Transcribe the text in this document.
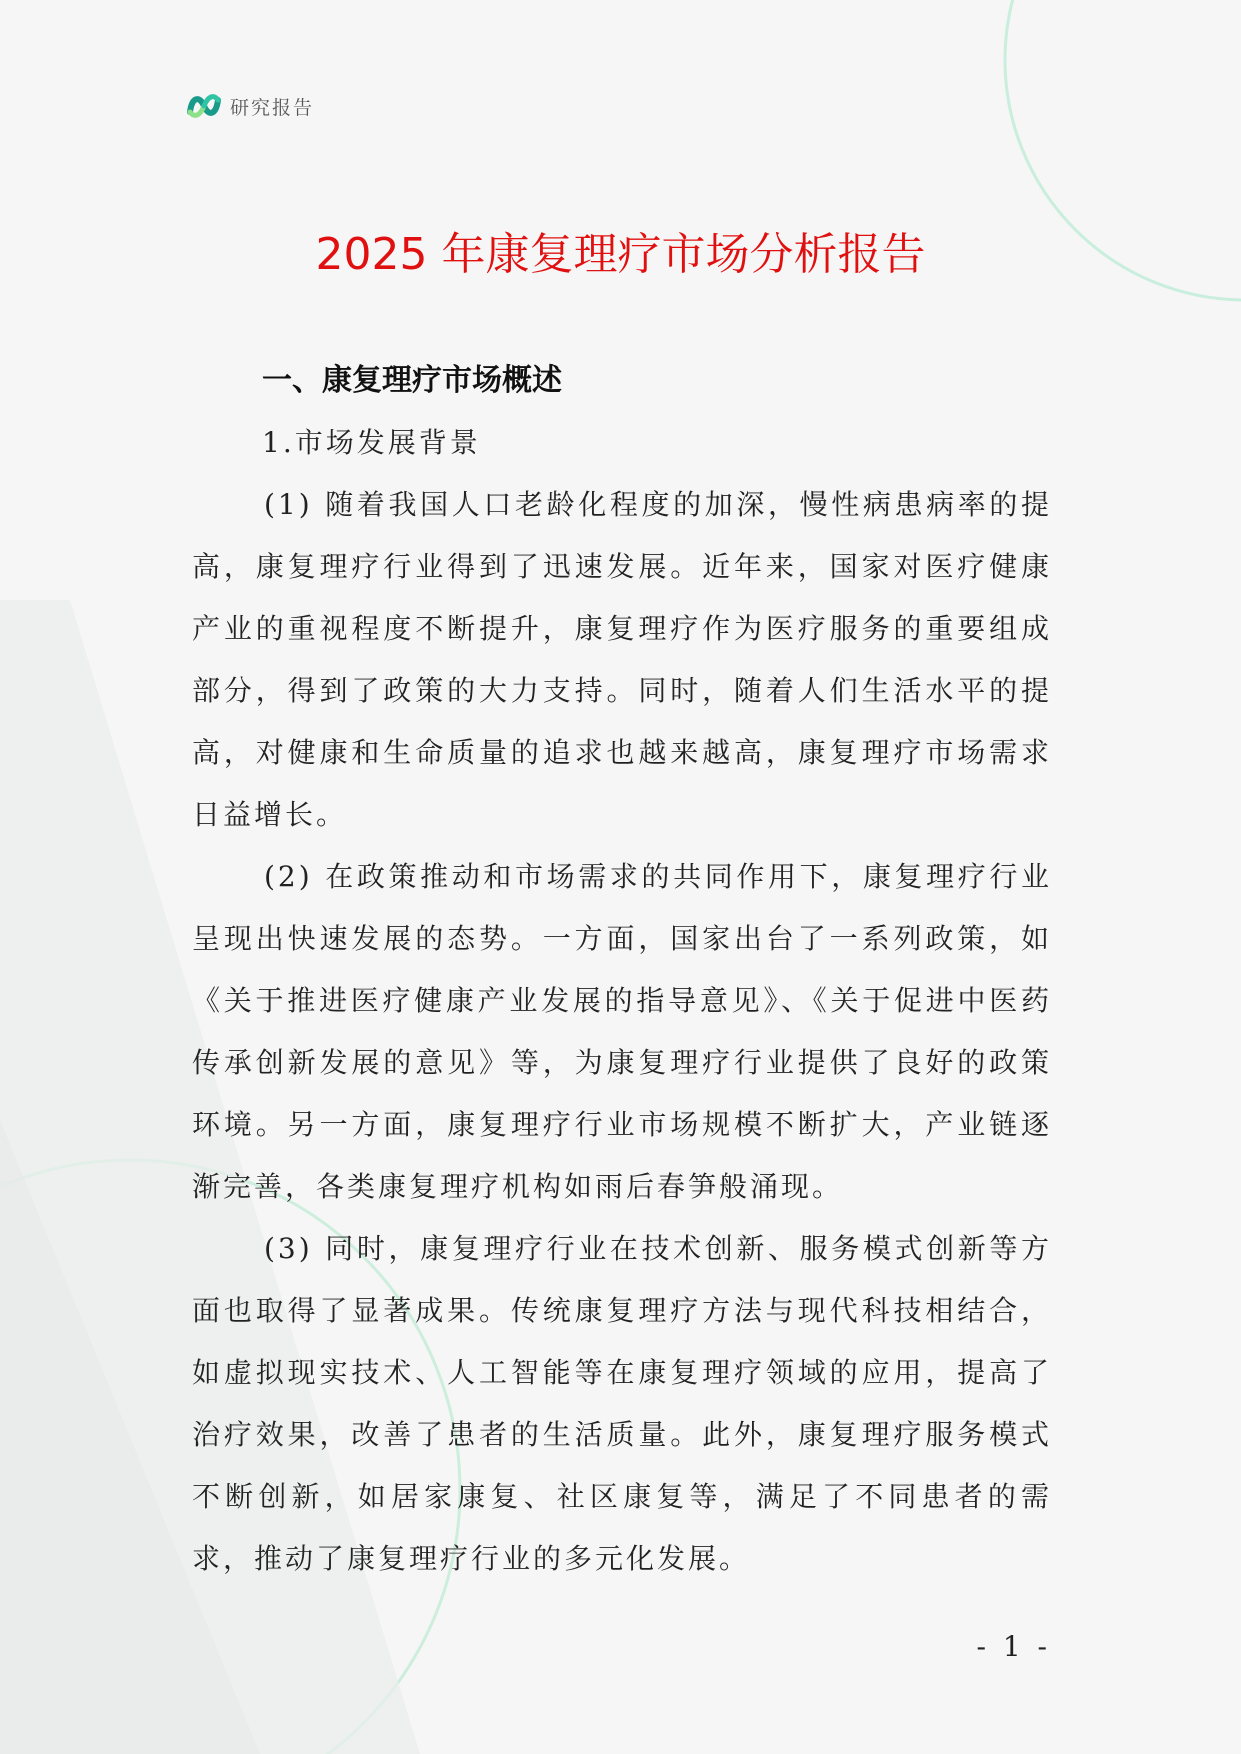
研究报告
2025 年康复理疗市场分析报告
一、康复理疗市场概述
1.市场发展背景

(1) 随着我国人口老龄化程度的加深，慢性病患病率的提高，康复理疗行业得到了迅速发展。近年来，国家对医疗健康产业的重视程度不断提升，康复理疗作为医疗服务的重要组成部分，得到了政策的大力支持。同时，随着人们生活水平的提高，对健康和生命质量的追求也越来越高，康复理疗市场需求日益增长。

(2) 在政策推动和市场需求的共同作用下，康复理疗行业呈现出快速发展的态势。一方面，国家出台了一系列政策，如《关于推进医疗健康产业发展的指导意见》、《关于促进中医药传承创新发展的意见》等，为康复理疗行业提供了良好的政策环境。另一方面，康复理疗行业市场规模不断扩大，产业链逐渐完善，各类康复理疗机构如雨后春笋般涌现。

(3) 同时，康复理疗行业在技术创新、服务模式创新等方面也取得了显著成果。传统康复理疗方法与现代科技相结合，如虚拟现实技术、人工智能等在康复理疗领域的应用，提高了治疗效果，改善了患者的生活质量。此外，康复理疗服务模式不断创新，如居家康复、社区康复等，满足了不同患者的需求，推动了康复理疗行业的多元化发展。

- 1 -
